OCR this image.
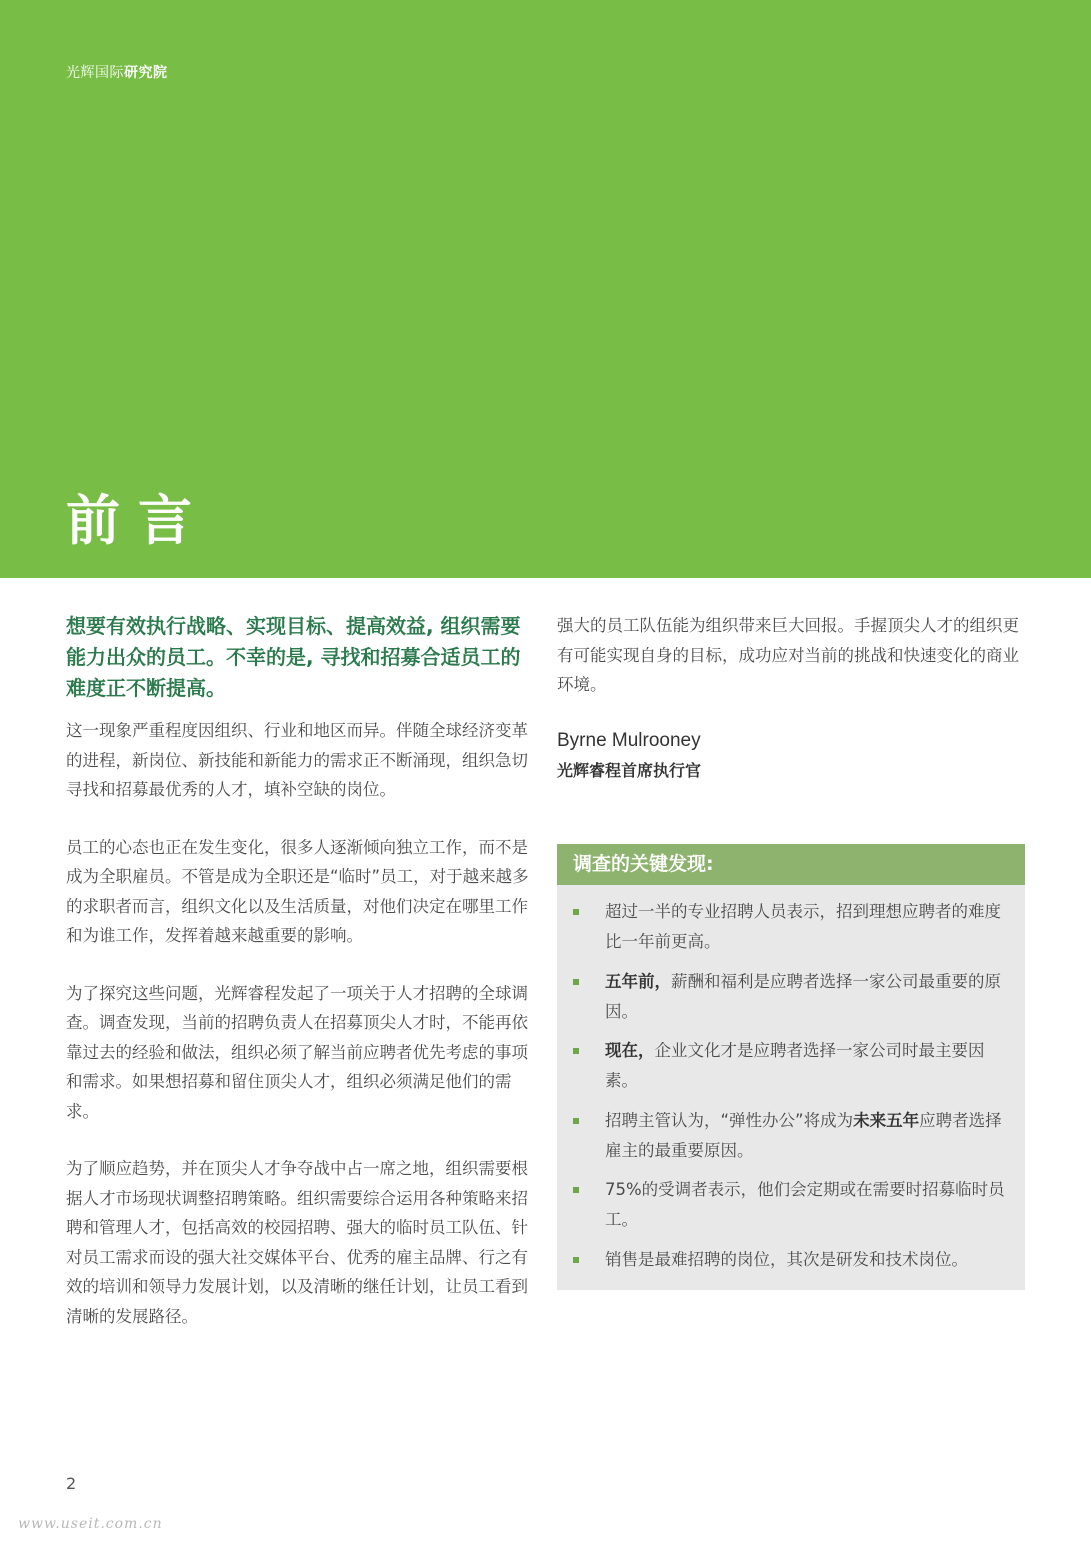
光辉国际研究院
前言
想要有效执行战略、实现目标、提高效益, 组织需要能力出众的员工。不幸的是, 寻找和招募合适员工的难度正不断提高。

这一现象严重程度因组织、行业和地区而异。伴随全球经济变革的进程，新岗位、新技能和新能力的需求正不断涌现，组织急切寻找和招募最优秀的人才，填补空缺的岗位。

员工的心态也正在发生变化，很多人逐渐倾向独立工作，而不是成为全职雇员。不管是成为全职还是“临时”员工，对于越来越多的求职者而言，组织文化以及生活质量，对他们决定在哪里工作和为谁工作，发挥着越来越重要的影响。

为了探究这些问题，光辉睿程发起了一项关于人才招聘的全球调查。调查发现，当前的招聘负责人在招募顶尖人才时，不能再依靠过去的经验和做法，组织必须了解当前应聘者优先考虑的事项和需求。如果想招募和留住顶尖人才，组织必须满足他们的需求。

为了顺应趋势，并在顶尖人才争夺战中占一席之地，组织需要根据人才市场现状调整招聘策略。组织需要综合运用各种策略来招聘和管理人才，包括高效的校园招聘、强大的临时员工队伍、针对员工需求而设的强大社交媒体平台、优秀的雇主品牌、行之有效的培训和领导力发展计划，以及清晰的继任计划，让员工看到清晰的发展路径。

强大的员工队伍能为组织带来巨大回报。手握顶尖人才的组织更有可能实现自身的目标，成功应对当前的挑战和快速变化的商业环境。

Byrne Mulrooney
光辉睿程首席执行官
调查的关键发现:
超过一半的专业招聘人员表示，招到理想应聘者的难度比一年前更高。
五年前，薪酬和福利是应聘者选择一家公司最重要的原因。
现在，企业文化才是应聘者选择一家公司时最主要因素。
招聘主管认为，“弹性办公”将成为未来五年应聘者选择雇主的最重要原因。
75%的受调者表示，他们会定期或在需要时招募临时员工。
销售是最难招聘的岗位，其次是研发和技术岗位。
2
www.useit.com.cn
